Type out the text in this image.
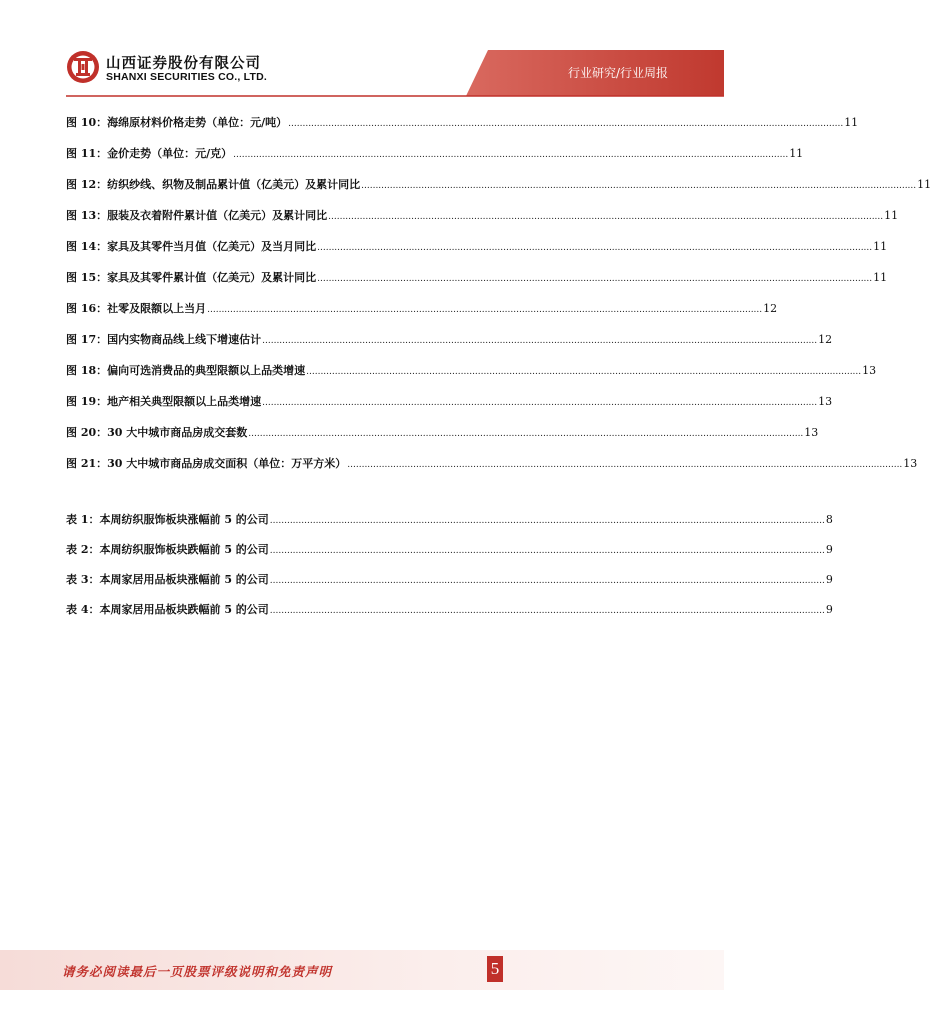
山西证券股份有限公司
SHANXI SECURITIES CO., LTD.	行业研究/行业周报
图 10： 海绵原材料价格走势（单位：元/吨） .................................................................................................................................................................................................. 11
图 11： 金价走势（单位：元/克） .................................................................................................................................................................................................. 11
图 12： 纺织纱线、织物及制品累计值（亿美元）及累计同比 .................................................................................................................................................................................................. 11
图 13： 服装及衣着附件累计值（亿美元）及累计同比 .................................................................................................................................................................................................. 11
图 14： 家具及其零件当月值（亿美元）及当月同比 .................................................................................................................................................................................................. 11
图 15： 家具及其零件累计值（亿美元）及累计同比 .................................................................................................................................................................................................. 11
图 16： 社零及限额以上当月 .................................................................................................................................................................................................. 12
图 17： 国内实物商品线上线下增速估计 .................................................................................................................................................................................................. 12
图 18： 偏向可选消费品的典型限额以上品类增速 .................................................................................................................................................................................................. 13
图 19： 地产相关典型限额以上品类增速 .................................................................................................................................................................................................. 13
图 20： 30 大中城市商品房成交套数 .................................................................................................................................................................................................. 13
图 21： 30 大中城市商品房成交面积（单位：万平方米） .................................................................................................................................................................................................. 13
表 1： 本周纺织服饰板块涨幅前 5 的公司 .................................................................................................................................................................................................. 8
表 2： 本周纺织服饰板块跌幅前 5 的公司 .................................................................................................................................................................................................. 9
表 3： 本周家居用品板块涨幅前 5 的公司 .................................................................................................................................................................................................. 9
表 4： 本周家居用品板块跌幅前 5 的公司 .................................................................................................................................................................................................. 9
请务必阅读最后一页股票评级说明和免责声明	5
